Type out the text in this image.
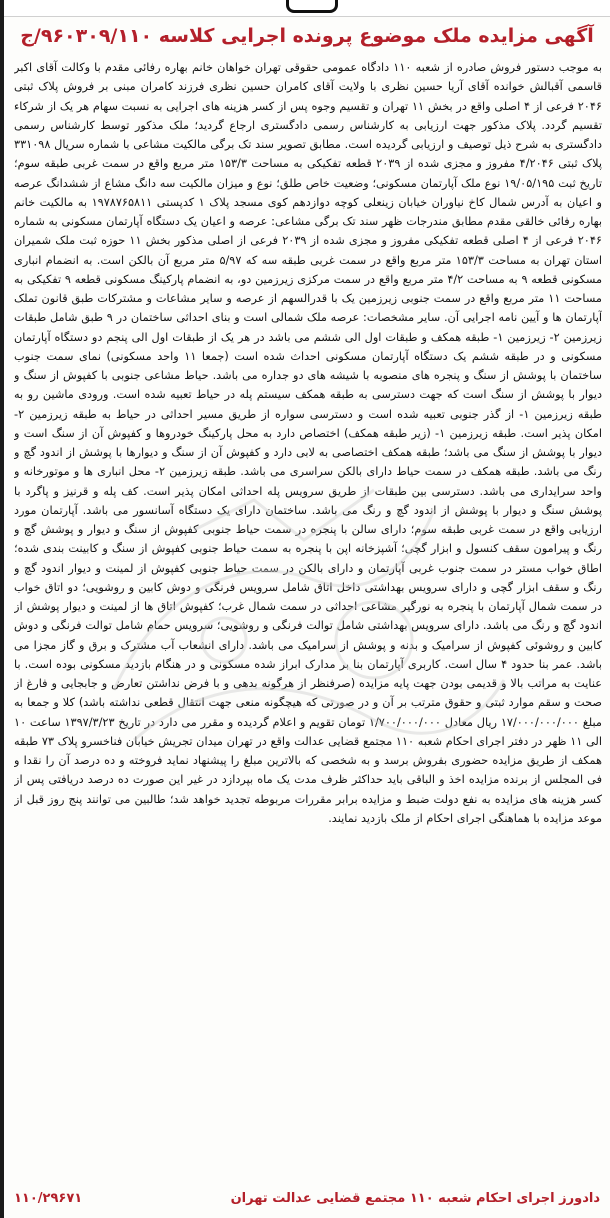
آگهی مزایده ملک موضوع پرونده اجرایی کلاسه ۹۶۰۳۰۹/۱۱۰/ج

به موجب دستور فروش صادره از شعبه ۱۱۰ دادگاه عمومی حقوقی تهران خواهان خانم بهاره رفائی مقدم با وکالت آقای اکبر قاسمی آقبالش خوانده آقای آریا حسین نظری با ولایت آقای کامران حسین نظری فرزند کامران مبنی بر فروش پلاک ثبتی ۲۰۴۶ فرعی از ۴ اصلی واقع در بخش ۱۱ تهران و تقسیم وجوه پس از کسر هزینه های اجرایی به نسبت سهام هر یک از شرکاء تقسیم گردد. پلاک مذکور جهت ارزیابی به کارشناس رسمی دادگستری ارجاع گردید؛ ملک مذکور توسط کارشناس رسمی دادگستری به شرح ذیل توصیف و ارزیابی گردیده است. مطابق تصویر سند تک برگی مالکیت مشاعی با شماره سریال ۳۳۱۰۹۸ پلاک ثبتی ۴/۲۰۴۶ مفروز و مجزی شده از ۲۰۳۹ قطعه تفکیکی به مساحت ۱۵۳/۳ متر مربع واقع در سمت غربی طبقه سوم؛ تاریخ ثبت ۱۹/۰۵/۱۹۵ نوع ملک آپارتمان مسکونی؛ وضعیت خاص طلق؛ نوع و میزان مالکیت سه دانگ مشاع از ششدانگ عرصه و اعیان به آدرس شمال کاخ نیاوران خیابان زینعلی کوچه دوازدهم کوی مسجد پلاک ۱ کدپستی ۱۹۷۸۷۶۵۸۱۱ به مالکیت خانم بهاره رفائی خالقی مقدم مطابق مندرجات ظهر سند تک برگی مشاعی: عرصه و اعیان یک دستگاه آپارتمان مسکونی به شماره ۲۰۴۶ فرعی از ۴ اصلی قطعه تفکیکی مفروز و مجزی شده از ۲۰۳۹ فرعی از اصلی مذکور بخش ۱۱ حوزه ثبت ملک شمیران استان تهران به مساحت ۱۵۳/۳ متر مربع واقع در سمت غربی طبقه سه که ۵/۹۷ متر مربع آن بالکن است. به انضمام انباری مسکونی قطعه ۹ به مساحت ۴/۲ متر مربع واقع در سمت مرکزی زیرزمین دو، به انضمام پارکینگ مسکونی قطعه ۹ تفکیکی به مساحت ۱۱ متر مربع واقع در سمت جنوبی زیرزمین یک با قدرالسهم از عرصه و سایر مشاعات و مشترکات طبق قانون تملک آپارتمان ها و آیین نامه اجرایی آن. سایر مشخصات: عرصه ملک شمالی است و بنای احداثی ساختمان در ۹ طبق شامل طبقات زیرزمین ۲- زیرزمین ۱- طبقه همکف و طبقات اول الی ششم می باشد در هر یک از طبقات اول الی پنجم دو دستگاه آپارتمان مسکونی و در طبقه ششم یک دستگاه آپارتمان مسکونی احداث شده است (جمعا ۱۱ واحد مسکونی) نمای سمت جنوب ساختمان با پوشش از سنگ و پنجره های منصوبه با شیشه های دو جداره می باشد. حیاط مشاعی جنوبی با کفپوش از سنگ و دیوار با پوشش از سنگ است که جهت دسترسی به طبقه همکف سیستم پله در حیاط تعبیه شده است. ورودی ماشین رو به طبقه زیرزمین ۱- از گذر جنوبی تعبیه شده است و دسترسی سواره از طریق مسیر احداثی در حیاط به طبقه زیرزمین ۲- امکان پذیر است. طبقه زیرزمین ۱- (زیر طبقه همکف) اختصاص دارد به محل پارکینگ خودروها و کفپوش آن از سنگ است و دیوار با پوشش از سنگ می باشد؛ طبقه همکف اختصاصی به لابی دارد و کفپوش آن از سنگ و دیوارها با پوشش از اندود گچ و رنگ می باشد. طبقه همکف در سمت حیاط دارای بالکن سراسری می باشد. طبقه زیرزمین ۲- محل انباری ها و موتورخانه و واحد سرایداری می باشد. دسترسی بین طبقات از طریق سرویس پله احداثی امکان پذیر است. کف پله و قرنیز و پاگرد با پوشش سنگ و دیوار با پوشش از اندود گچ و رنگ می باشد. ساختمان دارای یک دستگاه آسانسور می باشد. آپارتمان مورد ارزیابی واقع در سمت غربی طبقه سوم؛ دارای سالن با پنجره در سمت حیاط جنوبی کفپوش از سنگ و دیوار و پوشش گچ و رنگ و پیرامون سقف کنسول و ابزار گچی؛ آشپزخانه اپن با پنجره به سمت حیاط جنوبی کفپوش از سنگ و کابینت بندی شده؛ اطاق خواب مستر در سمت جنوب غربی آپارتمان و دارای بالکن در سمت حیاط جنوبی کفپوش از لمینت و دیوار اندود گچ و رنگ و سقف ابزار گچی و دارای سرویس بهداشتی داخل اتاق شامل سرویس فرنگی و دوش کابین و روشویی؛ دو اتاق خواب در سمت شمال آپارتمان با پنجره به نورگیر مشاعی احداثی در سمت شمال غرب؛ کفپوش اتاق ها از لمینت و دیوار پوشش از اندود گچ و رنگ می باشد. دارای سرویس بهداشتی شامل توالت فرنگی و روشویی؛ سرویس حمام شامل توالت فرنگی و دوش کابین و روشوئی کفپوش از سرامیک و بدنه و پوشش از سرامیک می باشد. دارای انشعاب آب مشترک و برق و گاز مجزا می باشد. عمر بنا حدود ۴ سال است. کاربری آپارتمان بنا بر مدارک ابراز شده مسکونی و در هنگام بازدید مسکونی بوده است. با عنایت به مراتب بالا و قدیمی بودن جهت پایه مزایده (صرفنظر از هرگونه بدهی و با فرض نداشتن تعارض و جابجایی و فارغ از صحت و سقم موارد ثبتی و حقوق مترتب بر آن و در صورتی که هیچگونه منعی جهت انتقال قطعی نداشته باشد) کلا و جمعا به مبلغ ۱۷/۰۰۰/۰۰۰/۰۰۰ ریال معادل ۱/۷۰۰/۰۰۰/۰۰۰ تومان تقویم و اعلام گردیده و مقرر می دارد در تاریخ ۱۳۹۷/۳/۲۳ ساعت ۱۰ الی ۱۱ ظهر در دفتر اجرای احکام شعبه ۱۱۰ مجتمع قضایی عدالت واقع در تهران میدان تجریش خیابان فناخسرو پلاک ۷۳ طبقه همکف از طریق مزایده حضوری بفروش برسد و به شخصی که بالاترین مبلغ را پیشنهاد نماید فروخته و ده درصد آن را نقدا و فی المجلس از برنده مزایده اخذ و الباقی باید حداکثر ظرف مدت یک ماه بپردازد در غیر این صورت ده درصد دریافتی پس از کسر هزینه های مزایده به نفع دولت ضبط و مزایده برابر مقررات مربوطه تجدید خواهد شد؛ طالبین می توانند پنج روز قبل از موعد مزایده با هماهنگی اجرای احکام از ملک بازدید نمایند.

دادورز اجرای احکام شعبه ۱۱۰ مجتمع قضایی عدالت تهران
۱۱۰/۲۹۶۷۱
